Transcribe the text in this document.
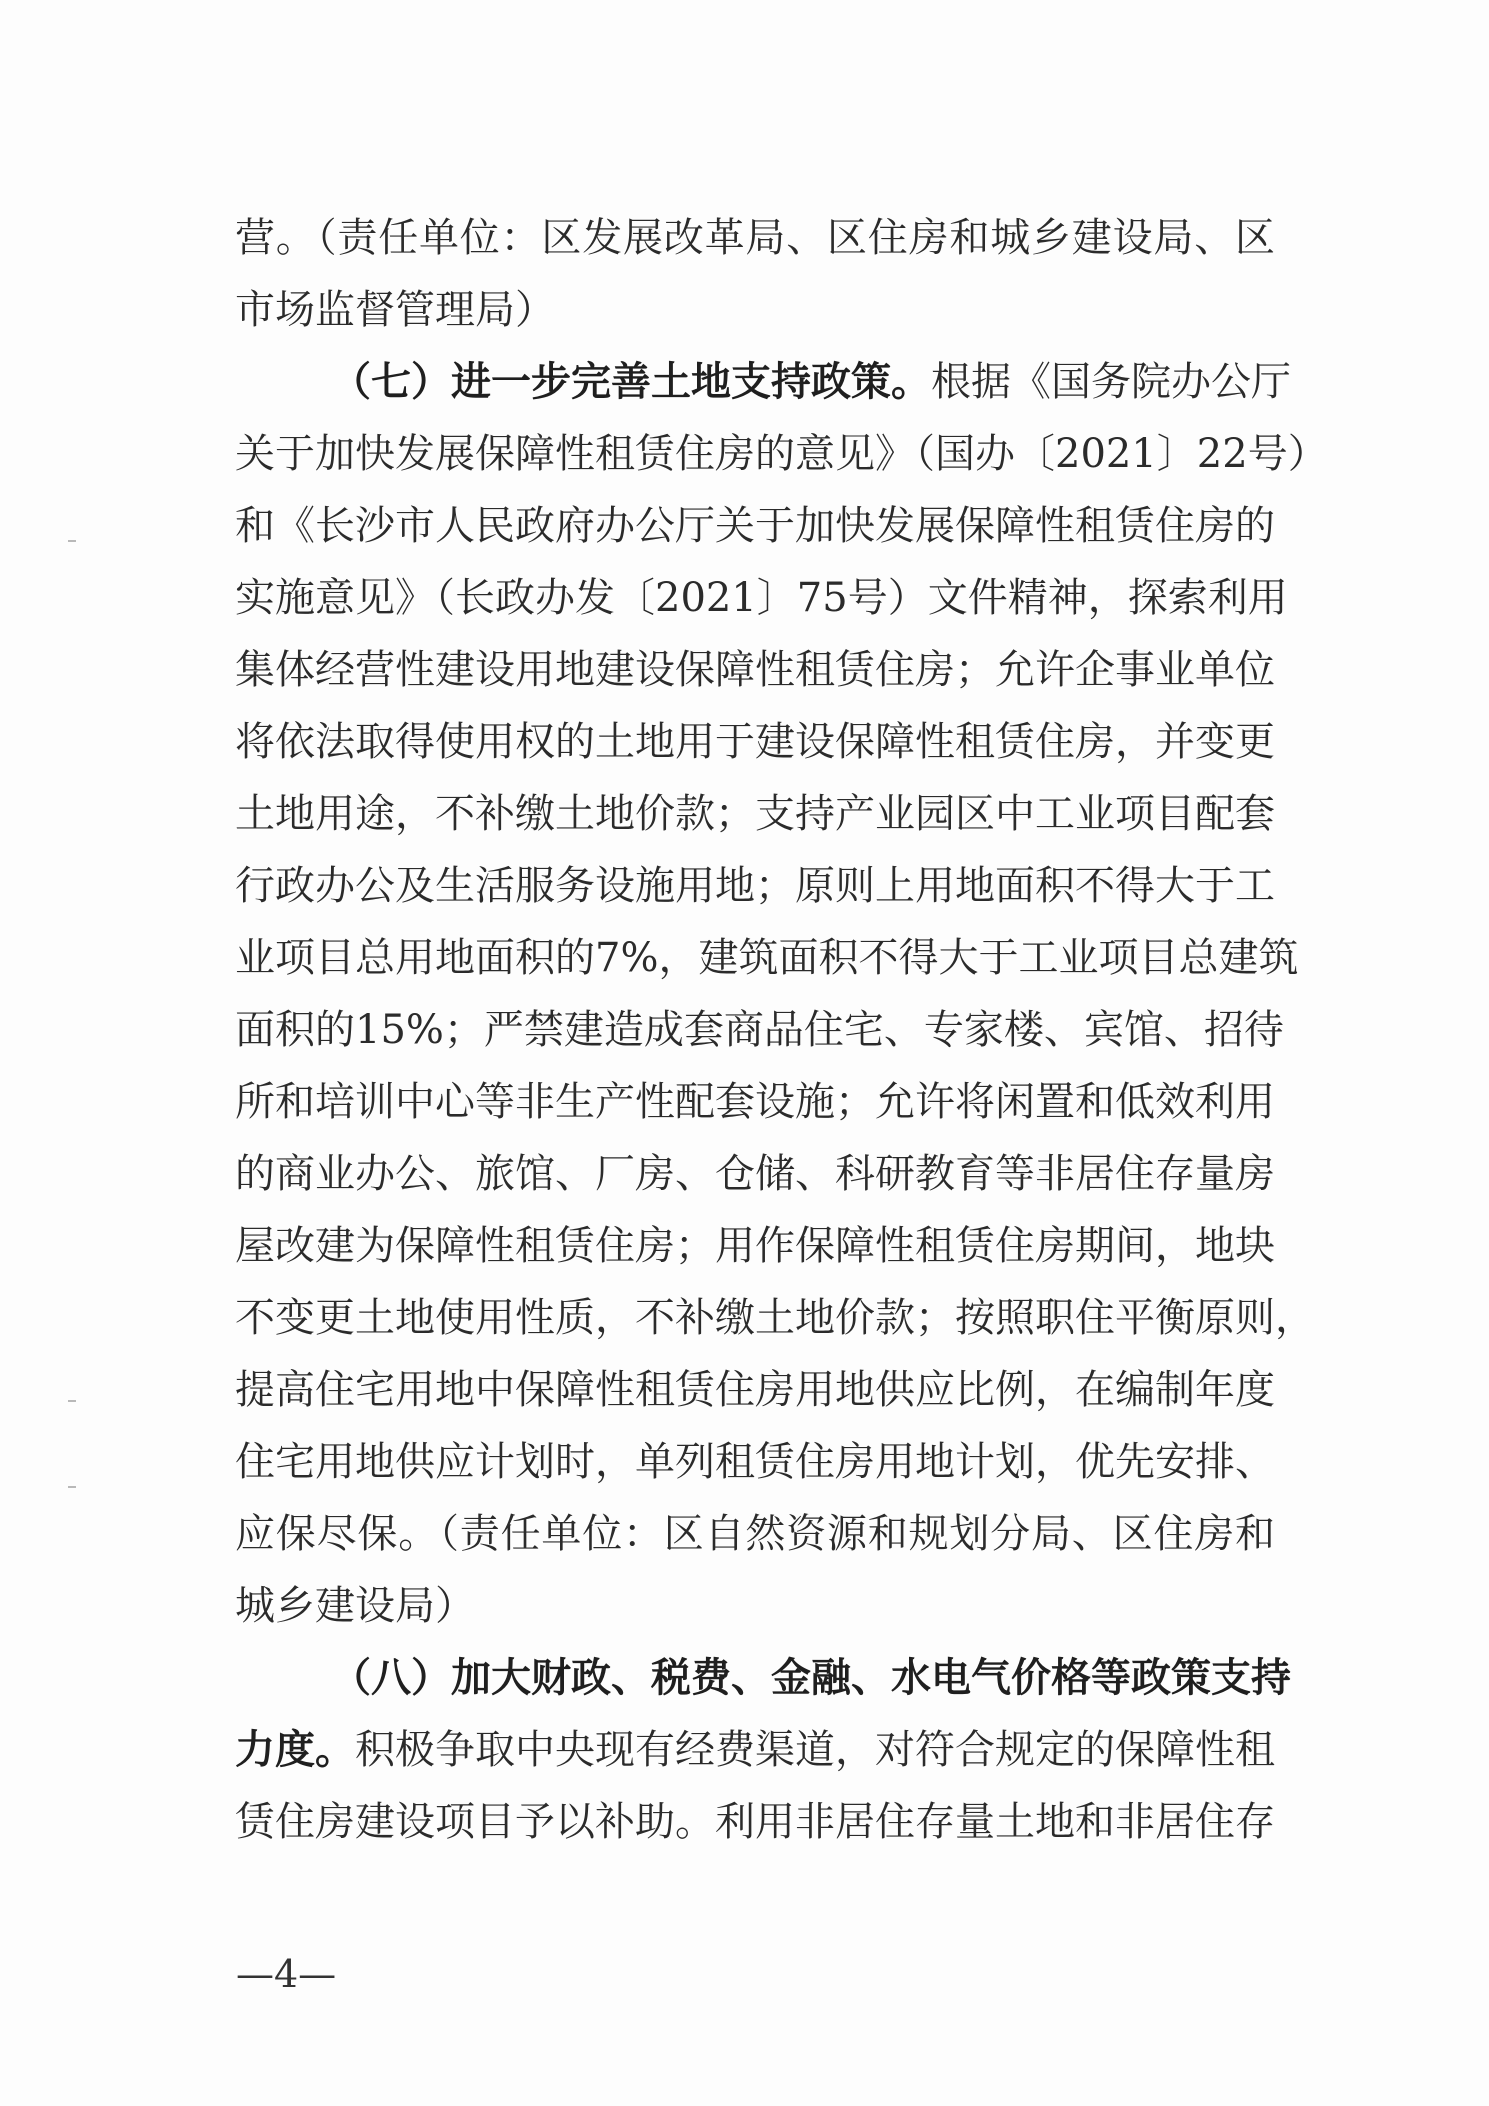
营。（责任单位：区发展改革局、区住房和城乡建设局、区
市场监督管理局）
（七）进一步完善土地支持政策。根据《国务院办公厅
关于加快发展保障性租赁住房的意见》（国办〔2021〕22号）
和《长沙市人民政府办公厅关于加快发展保障性租赁住房的
实施意见》（长政办发〔2021〕75号）文件精神，探索利用
集体经营性建设用地建设保障性租赁住房；允许企事业单位
将依法取得使用权的土地用于建设保障性租赁住房，并变更
土地用途，不补缴土地价款；支持产业园区中工业项目配套
行政办公及生活服务设施用地；原则上用地面积不得大于工
业项目总用地面积的7%，建筑面积不得大于工业项目总建筑
面积的15%；严禁建造成套商品住宅、专家楼、宾馆、招待
所和培训中心等非生产性配套设施；允许将闲置和低效利用
的商业办公、旅馆、厂房、仓储、科研教育等非居住存量房
屋改建为保障性租赁住房；用作保障性租赁住房期间，地块
不变更土地使用性质，不补缴土地价款；按照职住平衡原则，
提高住宅用地中保障性租赁住房用地供应比例，在编制年度
住宅用地供应计划时，单列租赁住房用地计划，优先安排、
应保尽保。（责任单位：区自然资源和规划分局、区住房和
城乡建设局）
（八）加大财政、税费、金融、水电气价格等政策支持
力度。积极争取中央现有经费渠道，对符合规定的保障性租
赁住房建设项目予以补助。利用非居住存量土地和非居住存
—4—
